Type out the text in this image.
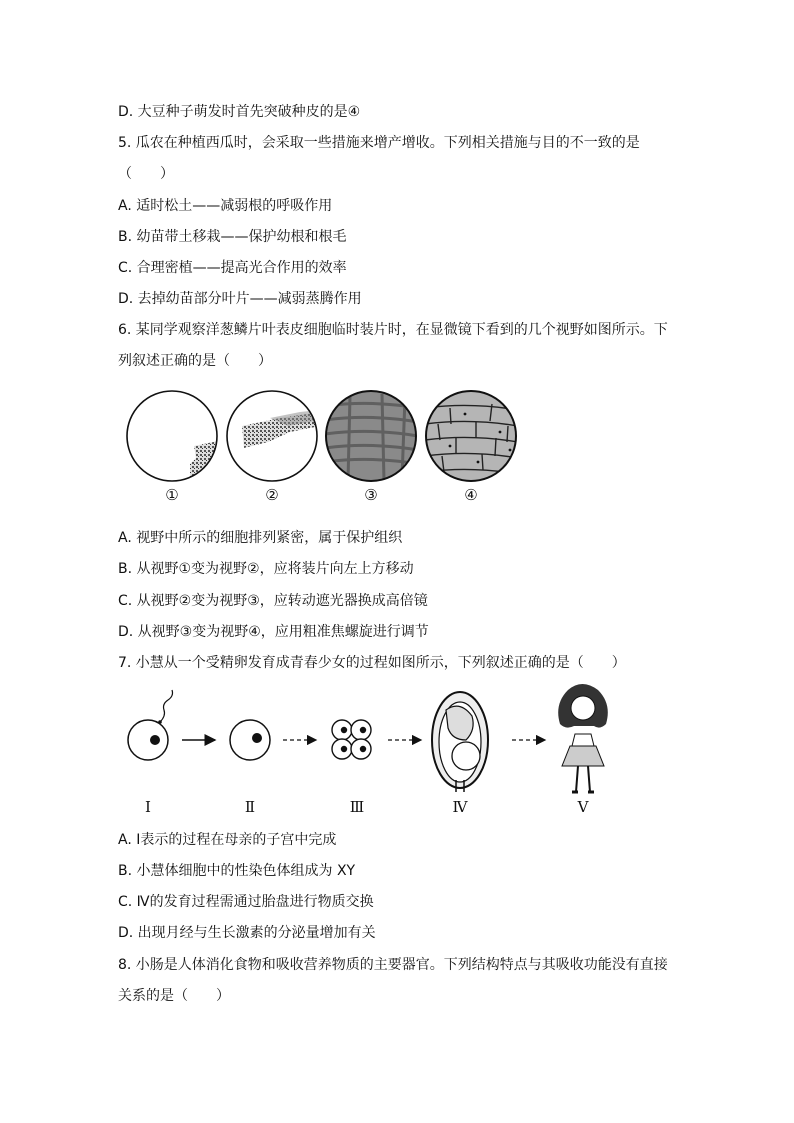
D. 大豆种子萌发时首先突破种皮的是④
5. 瓜农在种植西瓜时，会采取一些措施来增产增收。下列相关措施与目的不一致的是
（　　）
A. 适时松土——减弱根的呼吸作用
B. 幼苗带土移栽——保护幼根和根毛
C. 合理密植——提高光合作用的效率
D. 去掉幼苗部分叶片——减弱蒸腾作用
6. 某同学观察洋葱鳞片叶表皮细胞临时装片时，在显微镜下看到的几个视野如图所示。下
列叙述正确的是（　　）
①	②	③	④
A. 视野中所示的细胞排列紧密，属于保护组织
B. 从视野①变为视野②，应将装片向左上方移动
C. 从视野②变为视野③，应转动遮光器换成高倍镜
D. 从视野③变为视野④，应用粗准焦螺旋进行调节
7. 小慧从一个受精卵发育成青春少女的过程如图所示，下列叙述正确的是（　　）
Ⅰ	Ⅱ	Ⅲ	Ⅳ	Ⅴ
A. Ⅰ表示的过程在母亲的子宫中完成
B. 小慧体细胞中的性染色体组成为 XY
C. Ⅳ的发育过程需通过胎盘进行物质交换
D. 出现月经与生长激素的分泌量增加有关
8. 小肠是人体消化食物和吸收营养物质的主要器官。下列结构特点与其吸收功能没有直接
关系的是（　　）
